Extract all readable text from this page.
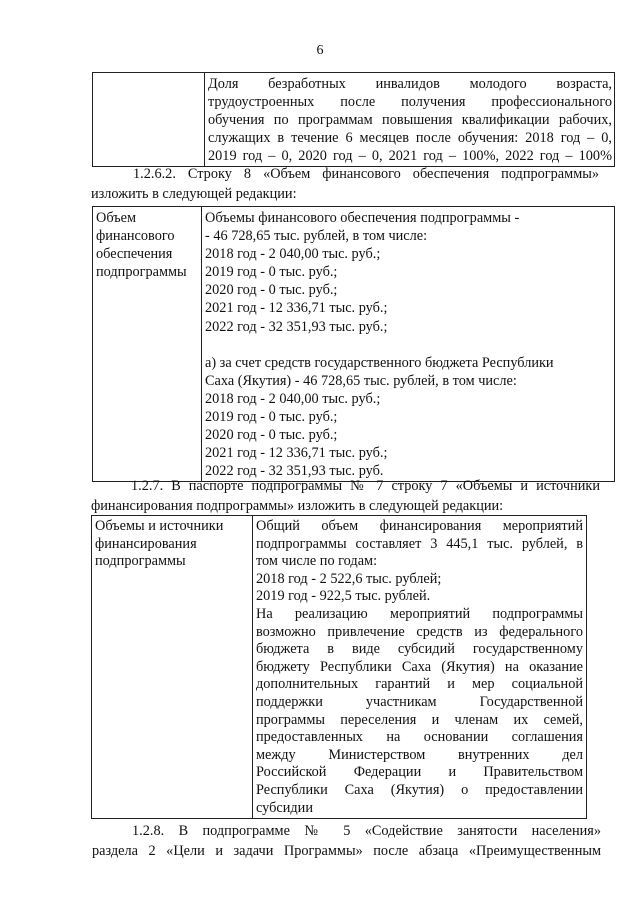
6

Доля безработных инвалидов молодого возраста,
трудоустроенных после получения профессионального
обучения по программам повышения квалификации рабочих,
служащих в течение 6 месяцев после обучения: 2018 год – 0,
2019 год – 0, 2020 год – 0, 2021 год – 100%, 2022 год – 100%
1.2.6.2. Строку 8 «Объем финансового обеспечения подпрограммы»
изложить в следующей редакции:
Объем
финансового
обеспечения
подпрограммы

Объемы финансового обеспечения подпрограммы -
- 46 728,65 тыс. рублей, в том числе:
2018 год - 2 040,00 тыс. руб.;
2019 год - 0 тыс. руб.;
2020 год - 0 тыс. руб.;
2021 год - 12 336,71 тыс. руб.;
2022 год - 32 351,93 тыс. руб.;
а) за счет средств государственного бюджета Республики
Саха (Якутия) - 46 728,65 тыс. рублей, в том числе:
2018 год - 2 040,00 тыс. руб.;
2019 год - 0 тыс. руб.;
2020 год - 0 тыс. руб.;
2021 год - 12 336,71 тыс. руб.;
2022 год - 32 351,93 тыс. руб.
1.2.7. В паспорте подпрограммы № 7 строку 7 «Объемы и источники
финансирования подпрограммы» изложить в следующей редакции:
Объемы и источники
финансирования
подпрограммы

Общий объем финансирования мероприятий
подпрограммы составляет 3 445,1 тыс. рублей, в
том числе по годам:
2018 год - 2 522,6 тыс. рублей;
2019 год - 922,5 тыс. рублей.
На реализацию мероприятий подпрограммы
возможно привлечение средств из федерального
бюджета в виде субсидий государственному
бюджету Республики Саха (Якутия) на оказание
дополнительных гарантий и мер социальной
поддержки участникам Государственной
программы переселения и членам их семей,
предоставленных на основании соглашения
между Министерством внутренних дел
Российской Федерации и Правительством
Республики Саха (Якутия) о предоставлении
субсидии
1.2.8. В подпрограмме № 5 «Содействие занятости населения»
раздела 2 «Цели и задачи Программы» после абзаца «Преимущественным
